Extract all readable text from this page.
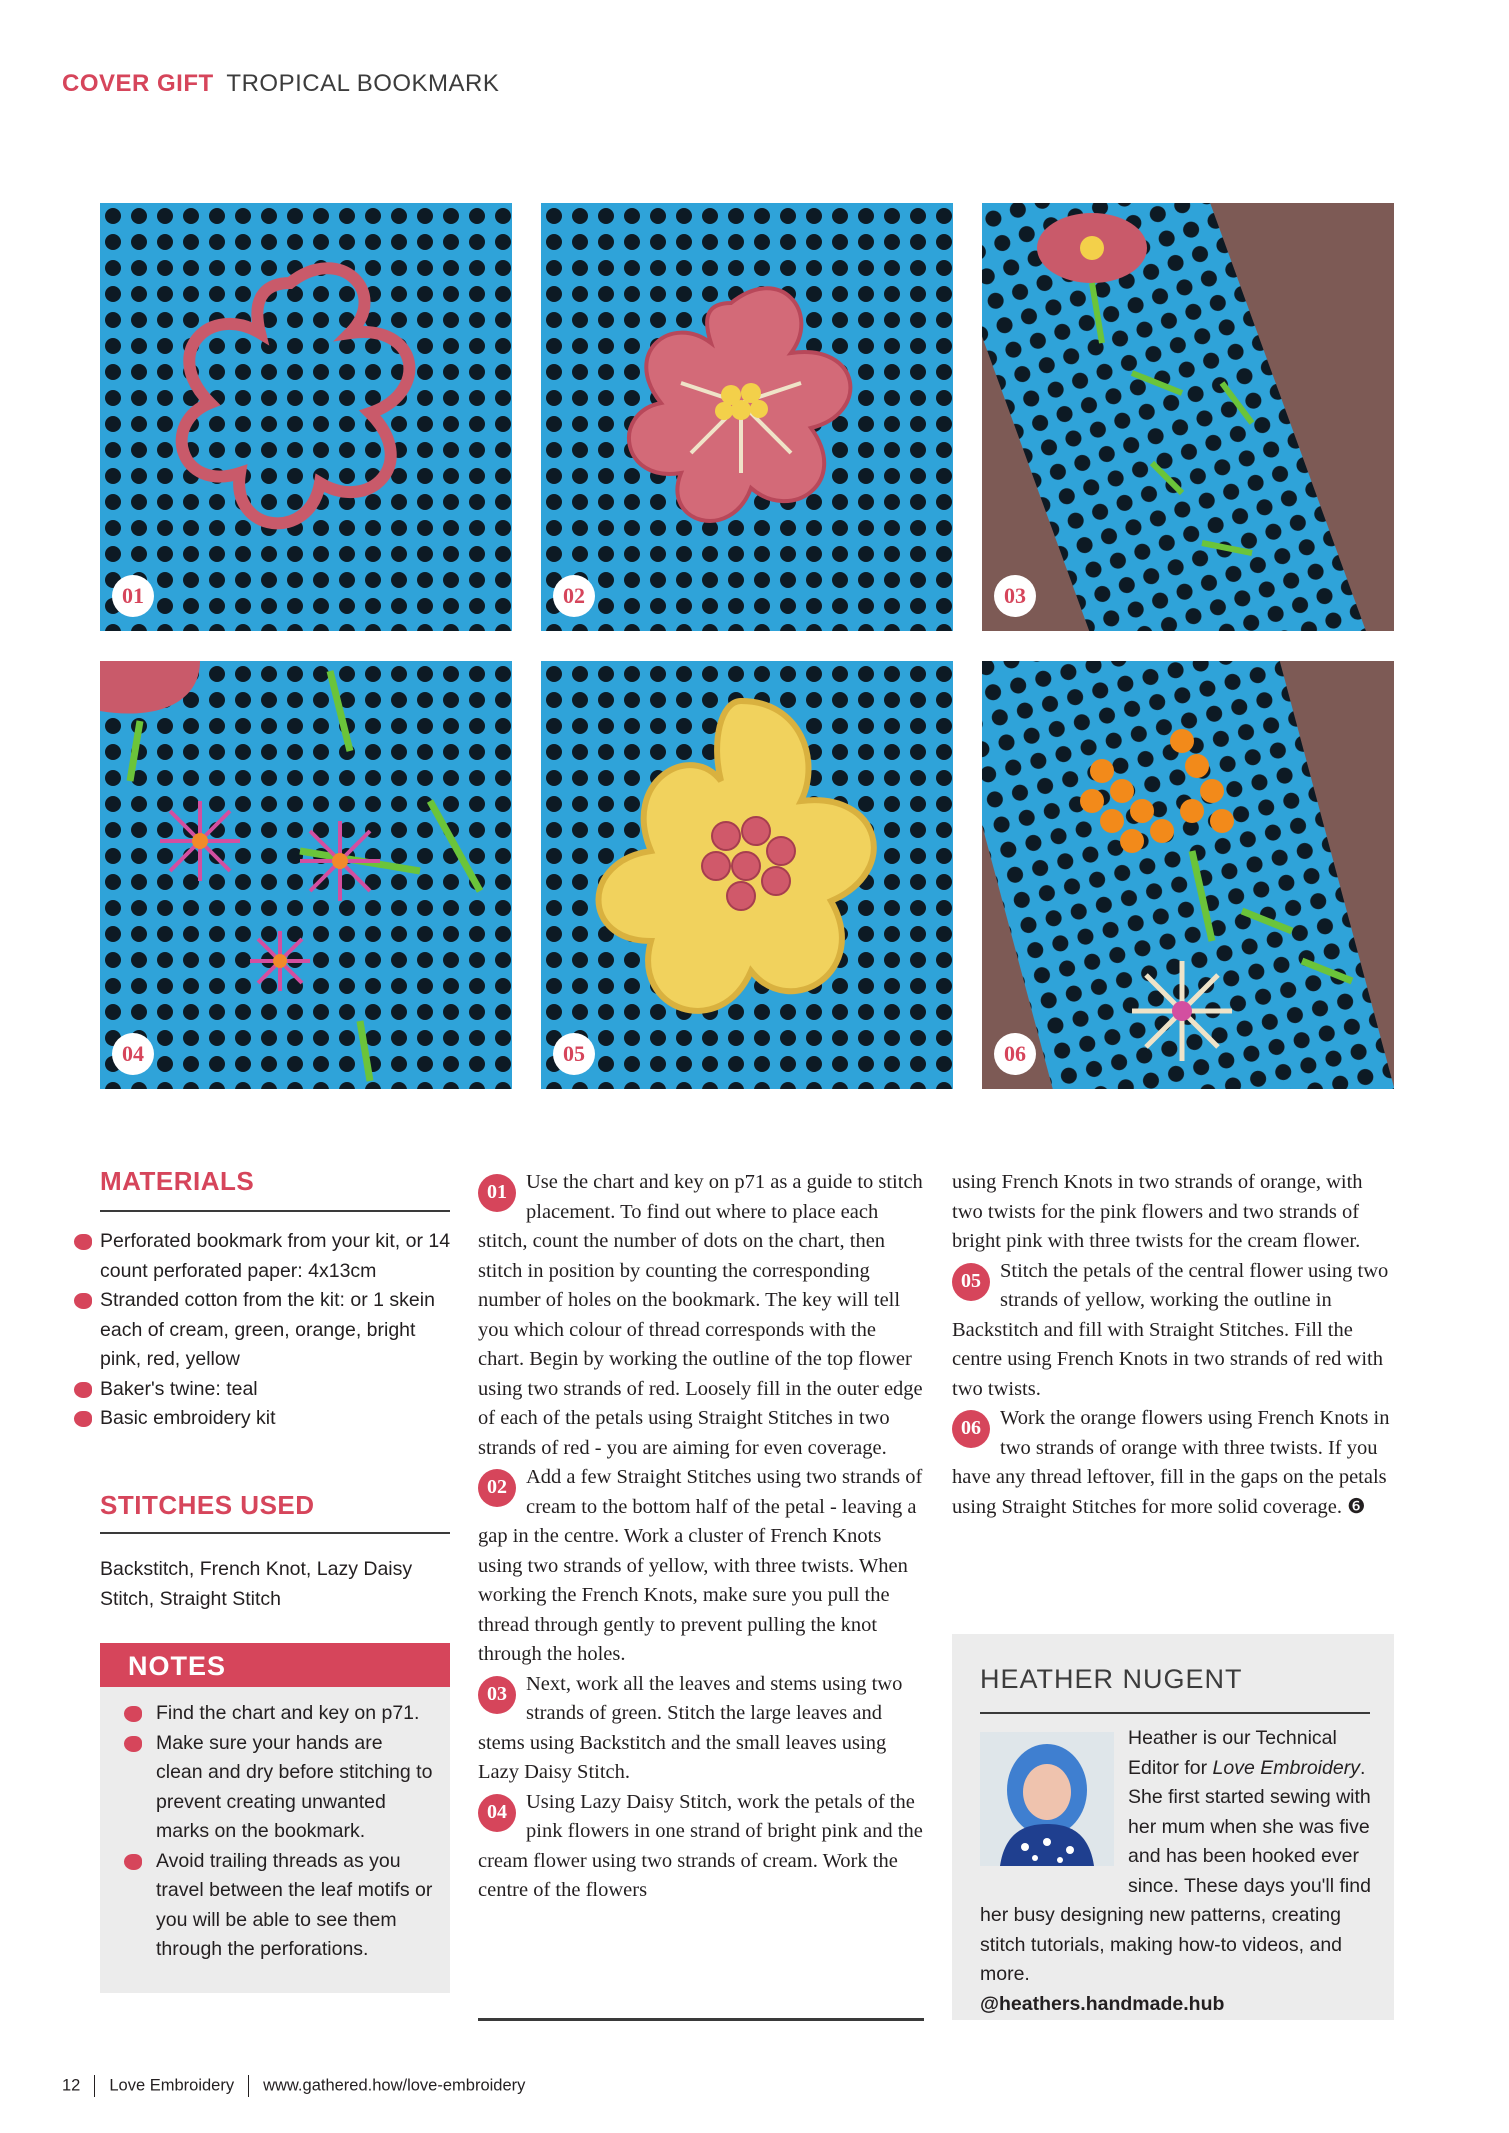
COVER GIFT TROPICAL BOOKMARK
01	02	03
04	05	06
MATERIALS
Perforated bookmark from your kit, or 14 count perforated paper: 4x13cm
Stranded cotton from the kit: or 1 skein each of cream, green, orange, bright pink, red, yellow
Baker's twine: teal
Basic embroidery kit
STITCHES USED
Backstitch, French Knot, Lazy Daisy Stitch, Straight Stitch
NOTES
Find the chart and key on p71.
Make sure your hands are clean and dry before stitching to prevent creating unwanted marks on the bookmark.
Avoid trailing threads as you travel between the leaf motifs or you will be able to see them through the perforations.

01 Use the chart and key on p71 as a guide to stitch placement. To find out where to place each stitch, count the number of dots on the chart, then stitch in position by counting the corresponding number of holes on the bookmark. The key will tell you which colour of thread corresponds with the chart. Begin by working the outline of the top flower using two strands of red. Loosely fill in the outer edge of each of the petals using Straight Stitches in two strands of red - you are aiming for even coverage.

02 Add a few Straight Stitches using two strands of cream to the bottom half of the petal - leaving a gap in the centre. Work a cluster of French Knots using two strands of yellow, with three twists. When working the French Knots, make sure you pull the thread through gently to prevent pulling the knot through the holes.

03 Next, work all the leaves and stems using two strands of green. Stitch the large leaves and stems using Backstitch and the small leaves using Lazy Daisy Stitch.

04 Using Lazy Daisy Stitch, work the petals of the pink flowers in one strand of bright pink and the cream flower using two strands of cream. Work the centre of the flowers

using French Knots in two strands of orange, with two twists for the pink flowers and two strands of bright pink with three twists for the cream flower.

05 Stitch the petals of the central flower using two strands of yellow, working the outline in Backstitch and fill with Straight Stitches. Fill the centre using French Knots in two strands of red with two twists.

06 Work the orange flowers using French Knots in two strands of orange with three twists. If you have any thread leftover, fill in the gaps on the petals using Straight Stitches for more solid coverage. ❻

HEATHER NUGENT
Heather is our Technical Editor for Love Embroidery. She first started sewing with her mum when she was five and has been hooked ever since. These days you'll find her busy designing new patterns, creating stitch tutorials, making how-to videos, and more.
@heathers.handmade.hub
12 Love Embroidery www.gathered.how/love-embroidery
